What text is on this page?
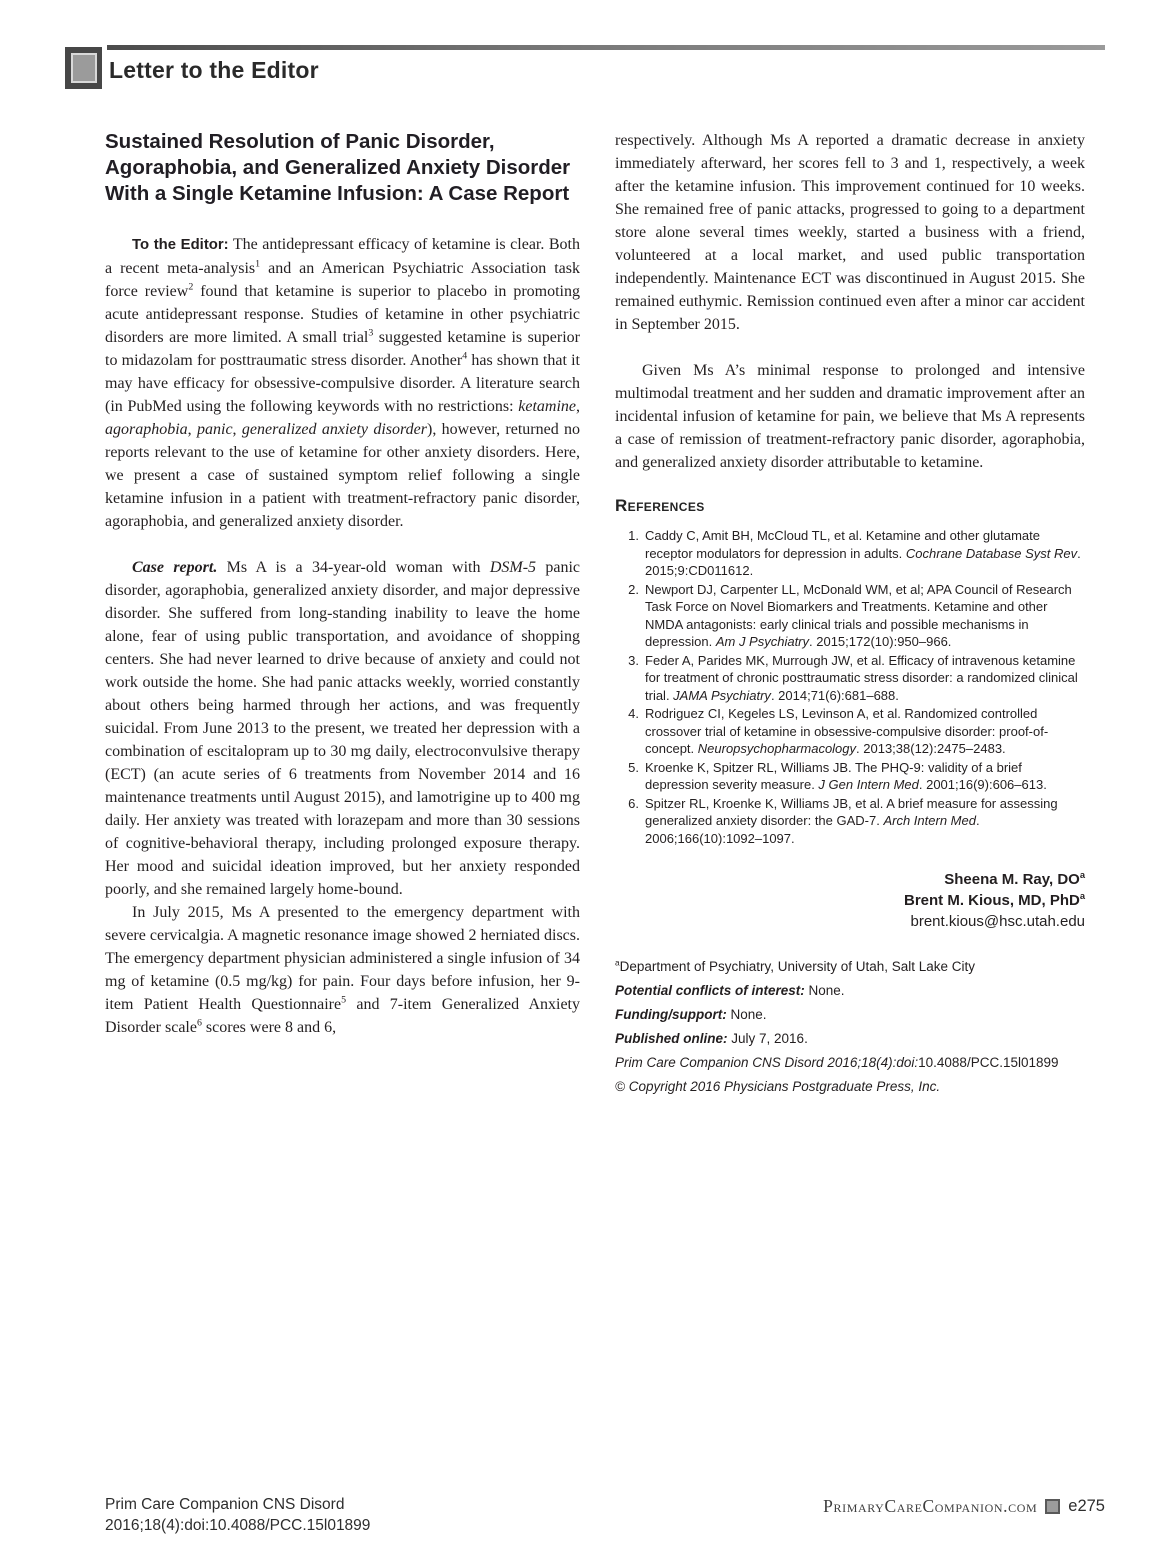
Letter to the Editor
Sustained Resolution of Panic Disorder, Agoraphobia, and Generalized Anxiety Disorder With a Single Ketamine Infusion: A Case Report

To the Editor: The antidepressant efficacy of ketamine is clear. Both a recent meta-analysis$^1$ and an American Psychiatric Association task force review$^2$ found that ketamine is superior to placebo in promoting acute antidepressant response. Studies of ketamine in other psychiatric disorders are more limited. A small trial$^3$ suggested ketamine is superior to midazolam for posttraumatic stress disorder. Another$^4$ has shown that it may have efficacy for obsessive-compulsive disorder. A literature search (in PubMed using the following keywords with no restrictions: ketamine, agoraphobia, panic, generalized anxiety disorder), however, returned no reports relevant to the use of ketamine for other anxiety disorders. Here, we present a case of sustained symptom relief following a single ketamine infusion in a patient with treatment-refractory panic disorder, agoraphobia, and generalized anxiety disorder.

Case report. Ms A is a 34-year-old woman with DSM-5 panic disorder, agoraphobia, generalized anxiety disorder, and major depressive disorder. She suffered from long-standing inability to leave the home alone, fear of using public transportation, and avoidance of shopping centers. She had never learned to drive because of anxiety and could not work outside the home. She had panic attacks weekly, worried constantly about others being harmed through her actions, and was frequently suicidal. From June 2013 to the present, we treated her depression with a combination of escitalopram up to 30 mg daily, electroconvulsive therapy (ECT) (an acute series of 6 treatments from November 2014 and 16 maintenance treatments until August 2015), and lamotrigine up to 400 mg daily. Her anxiety was treated with lorazepam and more than 30 sessions of cognitive-behavioral therapy, including prolonged exposure therapy. Her mood and suicidal ideation improved, but her anxiety responded poorly, and she remained largely home-bound.

In July 2015, Ms A presented to the emergency department with severe cervicalgia. A magnetic resonance image showed 2 herniated discs. The emergency department physician administered a single infusion of 34 mg of ketamine (0.5 mg/kg) for pain. Four days before infusion, her 9-item Patient Health Questionnaire$^5$ and 7-item Generalized Anxiety Disorder scale$^6$ scores were 8 and 6,

respectively. Although Ms A reported a dramatic decrease in anxiety immediately afterward, her scores fell to 3 and 1, respectively, a week after the ketamine infusion. This improvement continued for 10 weeks. She remained free of panic attacks, progressed to going to a department store alone several times weekly, started a business with a friend, volunteered at a local market, and used public transportation independently. Maintenance ECT was discontinued in August 2015. She remained euthymic. Remission continued even after a minor car accident in September 2015.

Given Ms A’s minimal response to prolonged and intensive multimodal treatment and her sudden and dramatic improvement after an incidental infusion of ketamine for pain, we believe that Ms A represents a case of remission of treatment-refractory panic disorder, agoraphobia, and generalized anxiety disorder attributable to ketamine.

References
Caddy C, Amit BH, McCloud TL, et al. Ketamine and other glutamate receptor modulators for depression in adults. Cochrane Database Syst Rev. 2015;9:CD011612.
Newport DJ, Carpenter LL, McDonald WM, et al; APA Council of Research Task Force on Novel Biomarkers and Treatments. Ketamine and other NMDA antagonists: early clinical trials and possible mechanisms in depression. Am J Psychiatry. 2015;172(10):950–966.
Feder A, Parides MK, Murrough JW, et al. Efficacy of intravenous ketamine for treatment of chronic posttraumatic stress disorder: a randomized clinical trial. JAMA Psychiatry. 2014;71(6):681–688.
Rodriguez CI, Kegeles LS, Levinson A, et al. Randomized controlled crossover trial of ketamine in obsessive-compulsive disorder: proof-of-concept. Neuropsychopharmacology. 2013;38(12):2475–2483.
Kroenke K, Spitzer RL, Williams JB. The PHQ-9: validity of a brief depression severity measure. J Gen Intern Med. 2001;16(9):606–613.
Spitzer RL, Kroenke K, Williams JB, et al. A brief measure for assessing generalized anxiety disorder: the GAD-7. Arch Intern Med. 2006;166(10):1092–1097.
Sheena M. Ray, $DO^a$
Brent M. Kious, MD, PhD$^a$
brent.kious@hsc.utah.edu

$^a$Department of Psychiatry, University of Utah, Salt Lake City

Potential conflicts of interest: None.

Funding/support: None.

Published online: July 7, 2016.

Prim Care Companion CNS Disord 2016;18(4):doi:10.4088/PCC.15l01899

© Copyright 2016 Physicians Postgraduate Press, Inc.

Prim Care Companion CNS Disord
2016;18(4):doi:10.4088/PCC.15l01899
PrimaryCareCompanion.com e275
